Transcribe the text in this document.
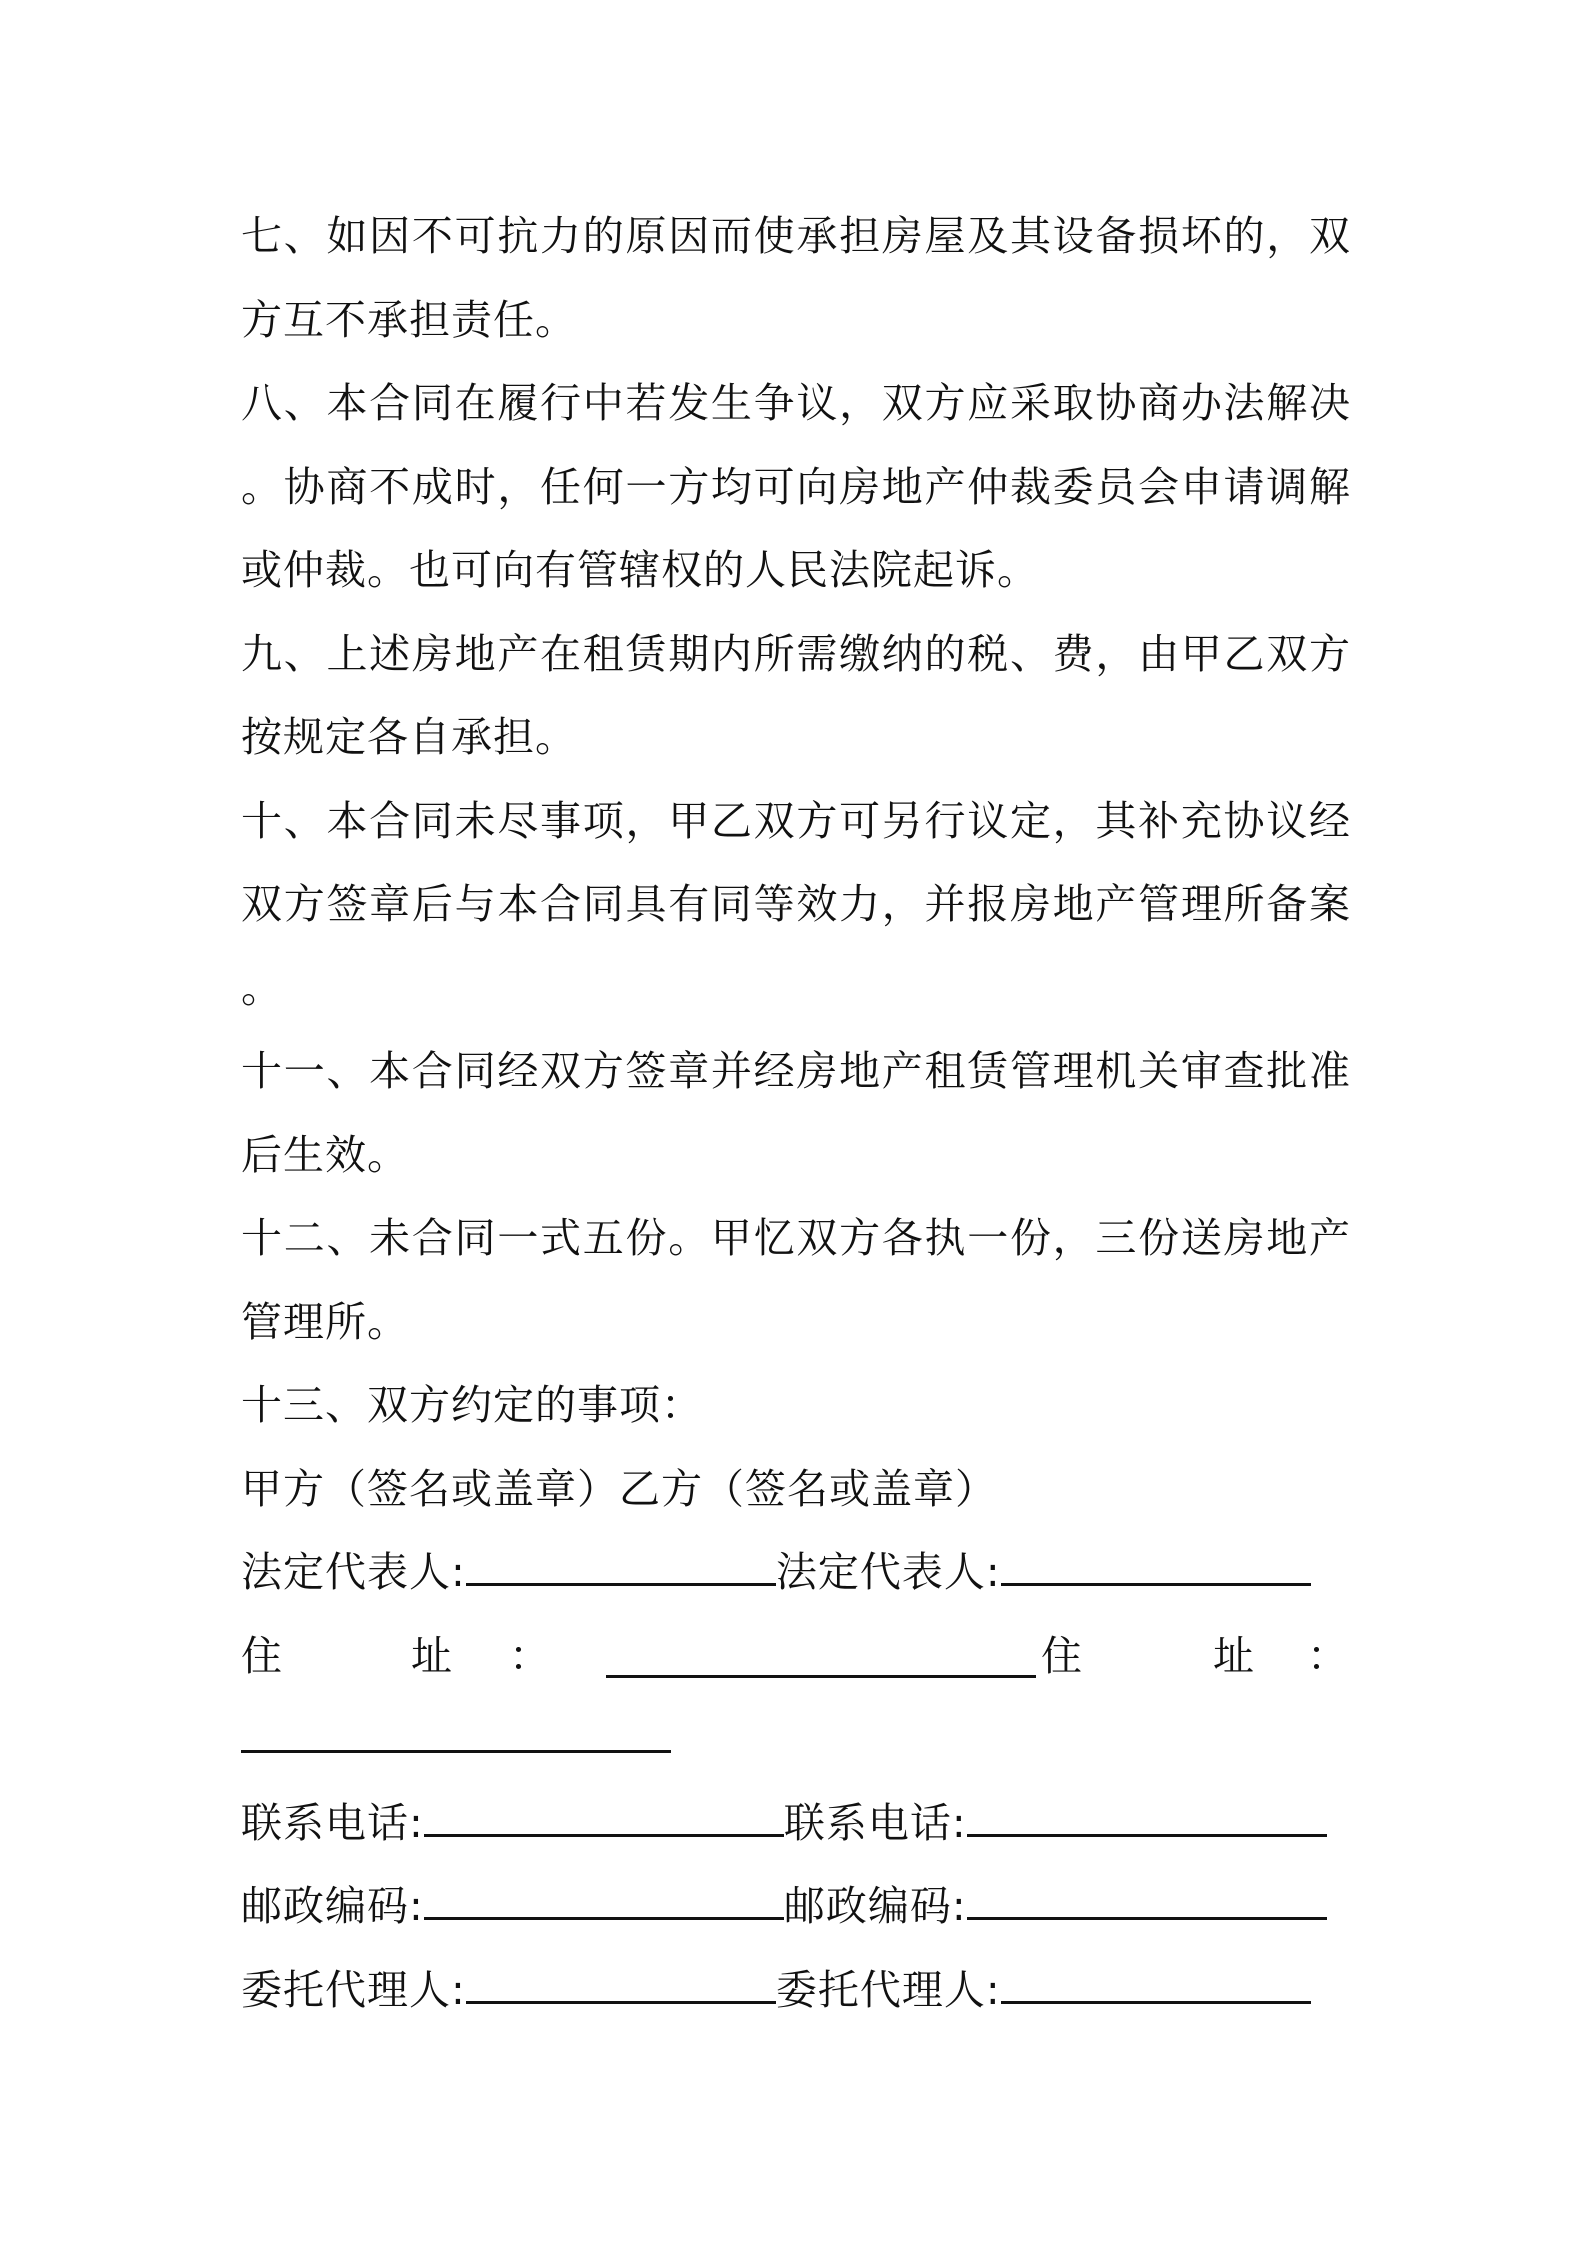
七、如因不可抗力的原因而使承担房屋及其设备损坏的，双
方互不承担责任。
八、本合同在履行中若发生争议，双方应采取协商办法解决
。协商不成时，任何一方均可向房地产仲裁委员会申请调解
或仲裁。也可向有管辖权的人民法院起诉。
九、上述房地产在租赁期内所需缴纳的税、费，由甲乙双方
按规定各自承担。
十、本合同未尽事项，甲乙双方可另行议定，其补充协议经
双方签章后与本合同具有同等效力，并报房地产管理所备案
。
十一、本合同经双方签章并经房地产租赁管理机关审查批准
后生效。
十二、未合同一式五份。甲忆双方各执一份，三份送房地产
管理所。
十三、双方约定的事项：
甲方（签名或盖章）乙方（签名或盖章）
法定代表人:	法定代表人:
住	址 ：	住	址 ：
联系电话:	联系电话:
邮政编码:	邮政编码:
委托代理人:	委托代理人:
